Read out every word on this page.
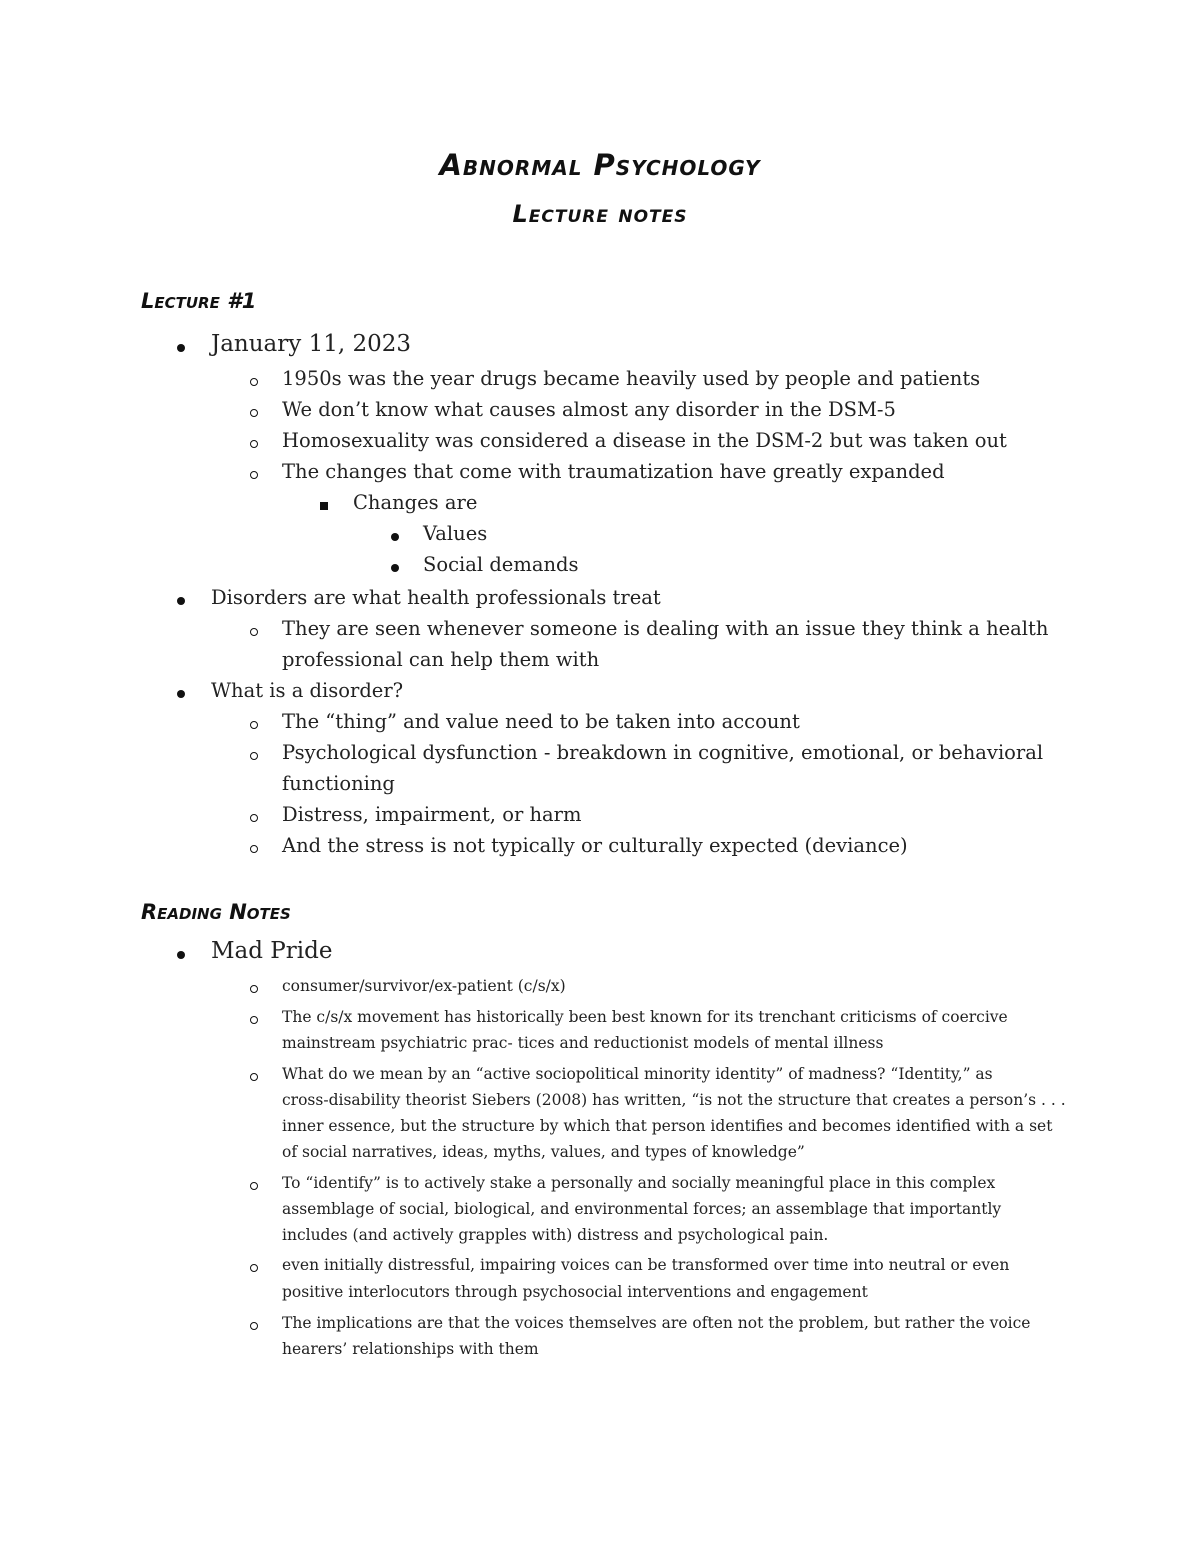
Abnormal Psychology
Lecture notes
Lecture #1
January 11, 2023
1950s was the year drugs became heavily used by people and patients
We don’t know what causes almost any disorder in the DSM-5
Homosexuality was considered a disease in the DSM-2 but was taken out
The changes that come with traumatization have greatly expanded
Changes are
Values
Social demands
Disorders are what health professionals treat
They are seen whenever someone is dealing with an issue they think a health
professional can help them with
What is a disorder?
The “thing” and value need to be taken into account
Psychological dysfunction - breakdown in cognitive, emotional, or behavioral
functioning
Distress, impairment, or harm
And the stress is not typically or culturally expected (deviance)
Reading Notes
Mad Pride
consumer/survivor/ex-patient (c/s/x)
The c/s/x movement has historically been best known for its trenchant criticisms of coercive
mainstream psychiatric prac- tices and reductionist models of mental illness
What do we mean by an “active sociopolitical minority identity” of madness? “Identity,” as
cross-disability theorist Siebers (2008) has written, “is not the structure that creates a person’s . . .
inner essence, but the structure by which that person identifies and becomes identified with a set
of social narratives, ideas, myths, values, and types of knowledge”
To “identify” is to actively stake a personally and socially meaningful place in this complex
assemblage of social, biological, and environmental forces; an assemblage that importantly
includes (and actively grapples with) distress and psychological pain.
even initially distressful, impairing voices can be transformed over time into neutral or even
positive interlocutors through psychosocial interventions and engagement
The implications are that the voices themselves are often not the problem, but rather the voice
hearers’ relationships with them
